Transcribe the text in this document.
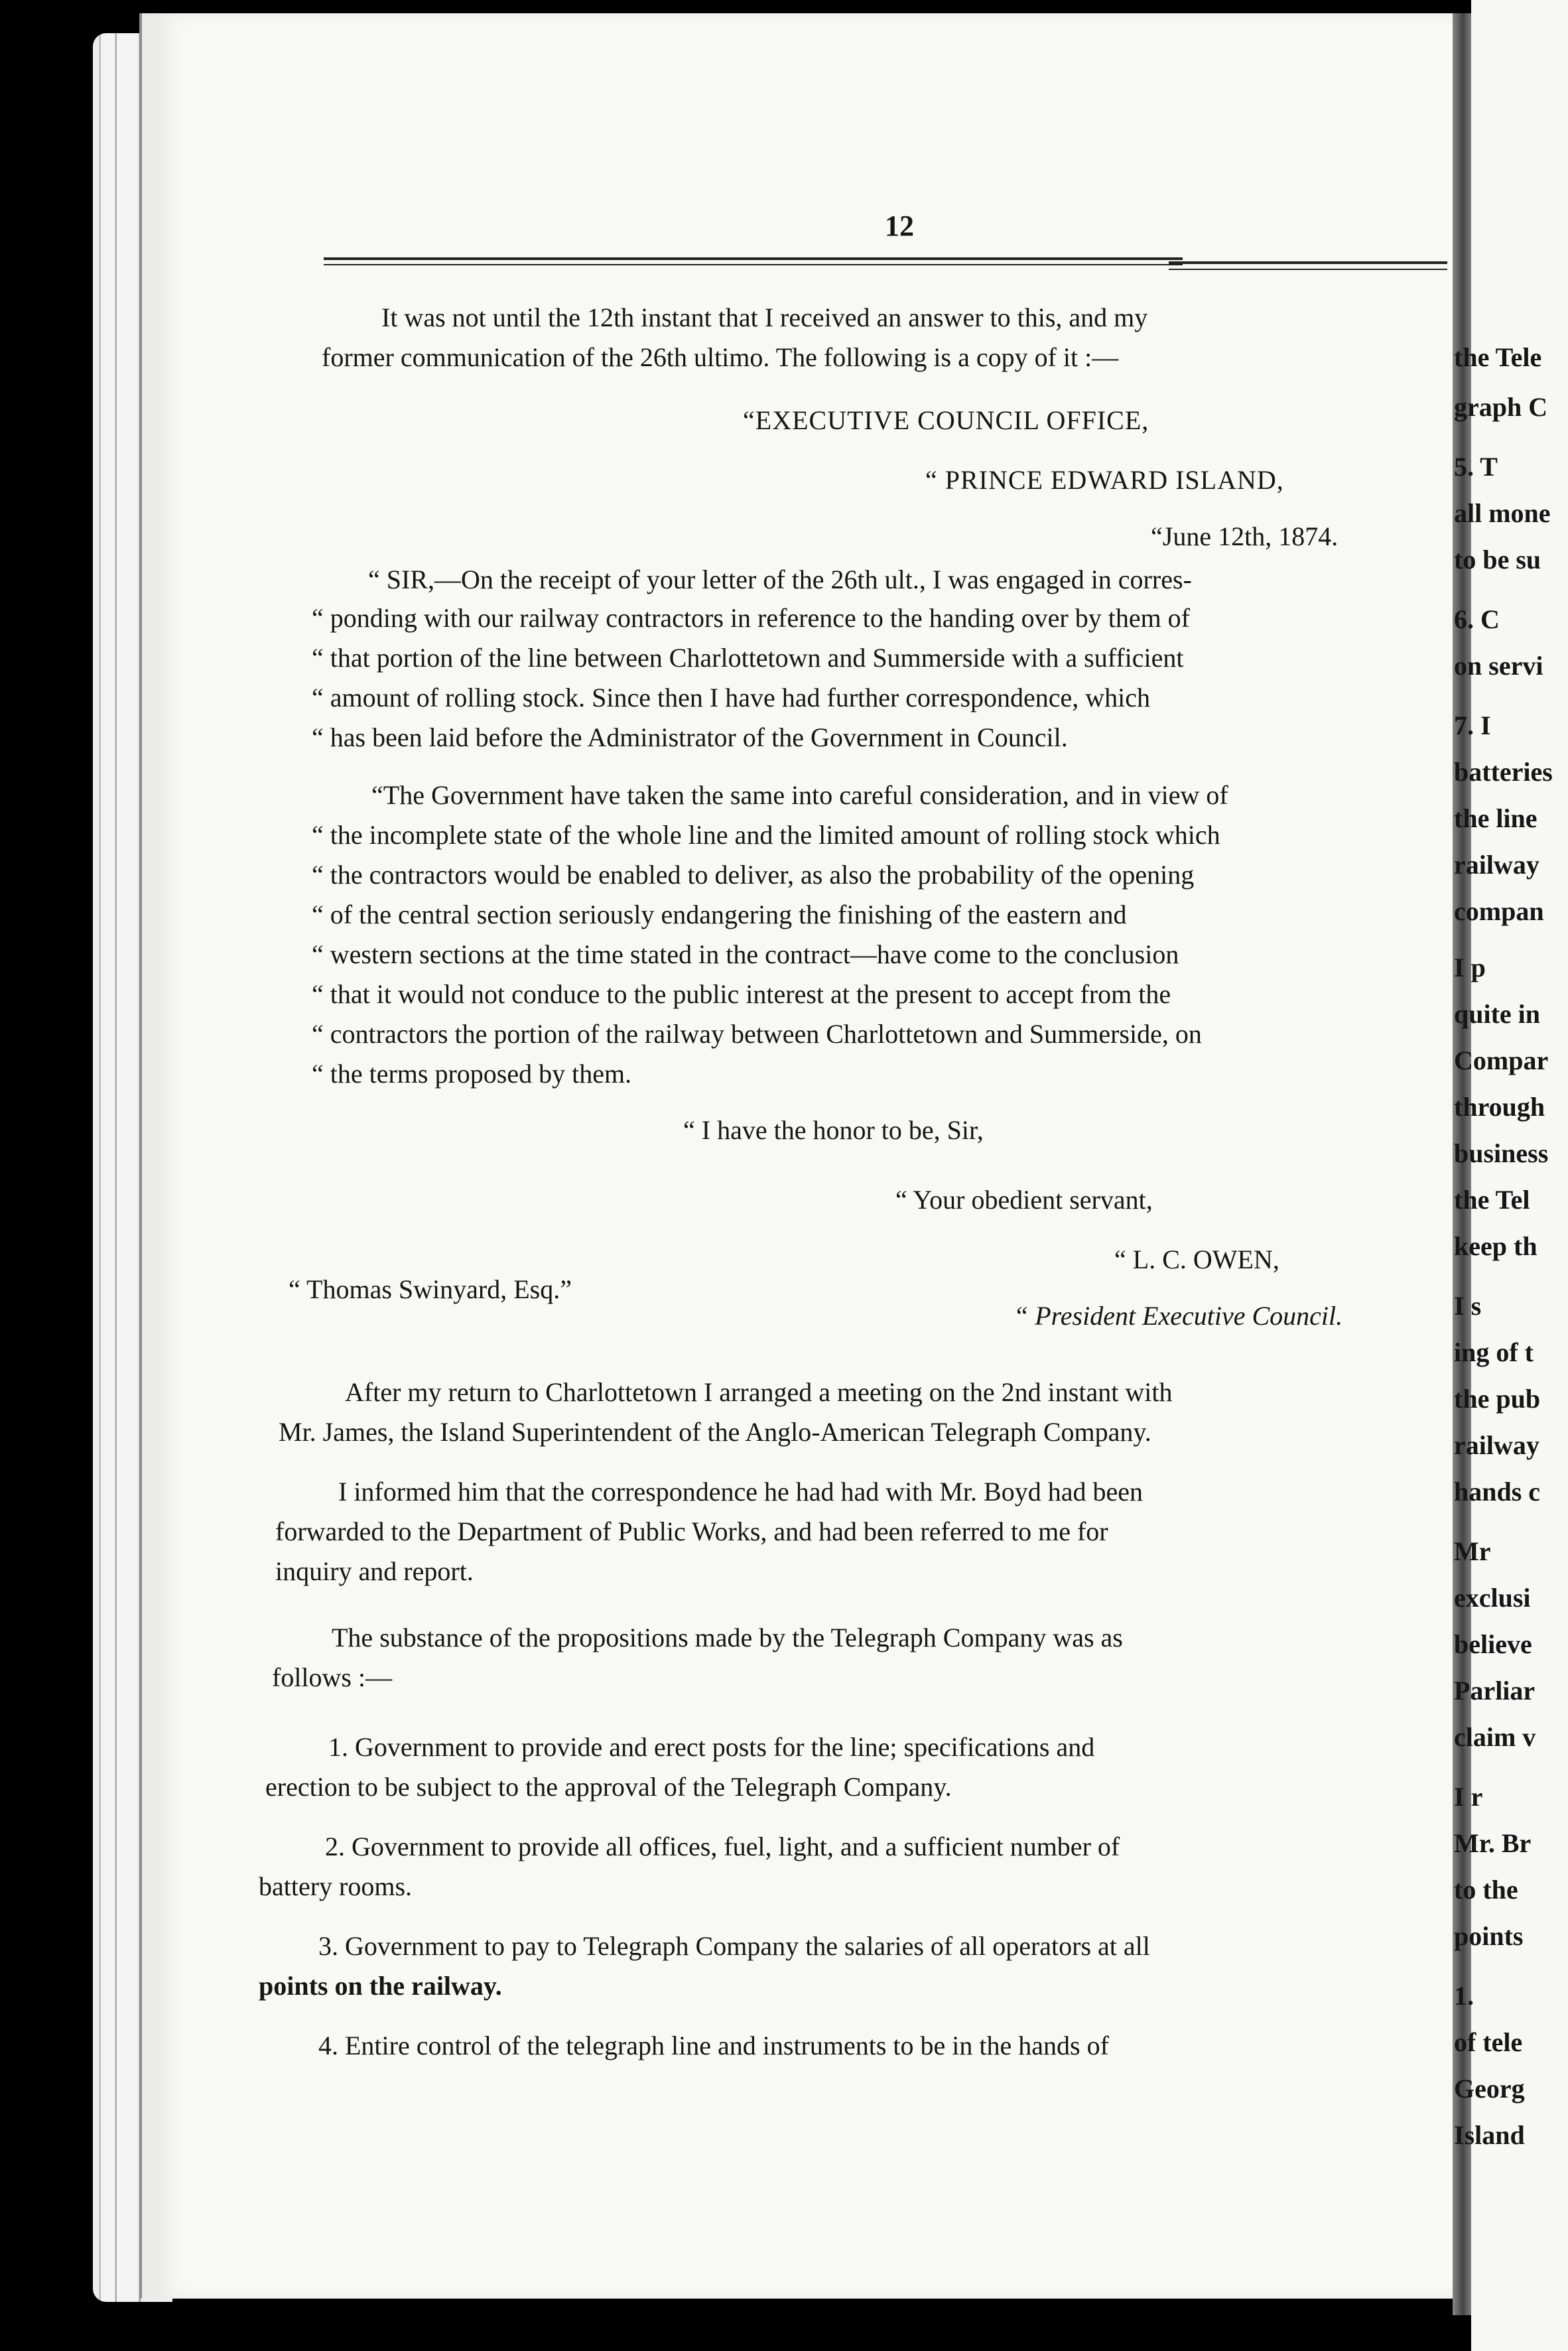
12
It was not until the 12th instant that I received an answer to this, and my
former communication of the 26th ultimo. The following is a copy of it :—
“EXECUTIVE COUNCIL OFFICE,
“ PRINCE EDWARD ISLAND,
“June 12th, 1874.
“ SIR,—On the receipt of your letter of the 26th ult., I was engaged in corres-
“ ponding with our railway contractors in reference to the handing over by them of
“ that portion of the line between Charlottetown and Summerside with a sufficient
“ amount of rolling stock. Since then I have had further correspondence, which
“ has been laid before the Administrator of the Government in Council.
“The Government have taken the same into careful consideration, and in view of
“ the incomplete state of the whole line and the limited amount of rolling stock which
“ the contractors would be enabled to deliver, as also the probability of the opening
“ of the central section seriously endangering the finishing of the eastern and
“ western sections at the time stated in the contract—have come to the conclusion
“ that it would not conduce to the public interest at the present to accept from the
“ contractors the portion of the railway between Charlottetown and Summerside, on
“ the terms proposed by them.
“ I have the honor to be, Sir,
“ Your obedient servant,
“ L. C. OWEN,
“ Thomas Swinyard, Esq.”
“ President Executive Council.
After my return to Charlottetown I arranged a meeting on the 2nd instant with
Mr. James, the Island Superintendent of the Anglo-American Telegraph Company.
I informed him that the correspondence he had had with Mr. Boyd had been
forwarded to the Department of Public Works, and had been referred to me for
inquiry and report.
The substance of the propositions made by the Telegraph Company was as
follows :—
1. Government to provide and erect posts for the line; specifications and
erection to be subject to the approval of the Telegraph Company.
2. Government to provide all offices, fuel, light, and a sufficient number of
battery rooms.
3. Government to pay to Telegraph Company the salaries of all operators at all
points on the railway.
4. Entire control of the telegraph line and instruments to be in the hands of
the Tele
graph C
5. T
all mone
to be su
6. C
on servi
7. I
batteries
the line
railway
compan
I p
quite in
Compar
through
business
the Tel
keep th
I s
ing of t
the pub
railway
hands c
Mr
exclusi
believe
Parliar
claim v
I r
Mr. Br
to the
points
1.
of tele
Georg
Island
